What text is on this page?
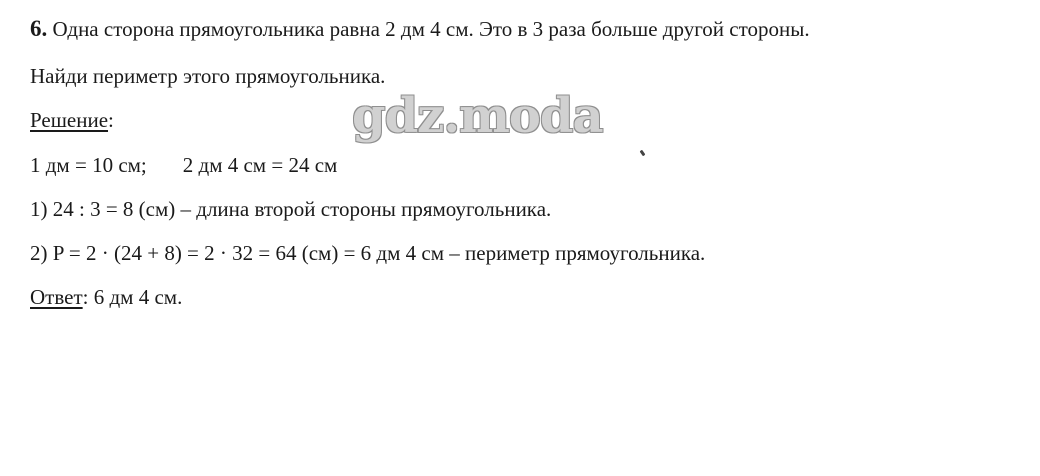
6. Одна сторона прямоугольника равна 2 дм 4 см. Это в 3 раза больше другой стороны.
Найди периметр этого прямоугольника.
Решение:
1 дм = 10 см; 2 дм 4 см = 24 см
1) 24 : 3 = 8 (см) – длина второй стороны прямоугольника.
2) P = 2 · (24 + 8) = 2 · 32 = 64 (см) = 6 дм 4 см – периметр прямоугольника.
Ответ: 6 дм 4 см.
gdz.moda
